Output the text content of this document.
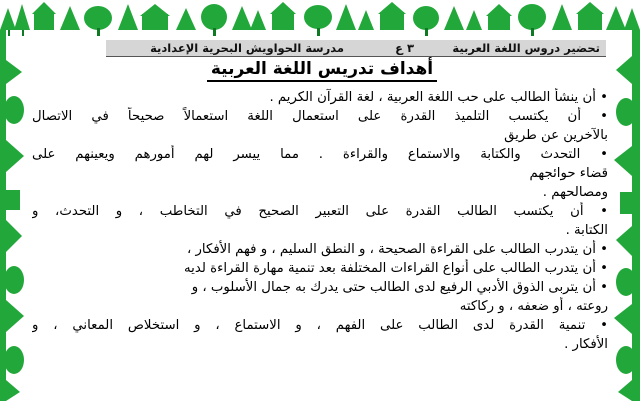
تحضير دروس اللغة العربية
٣ ع
مدرسة الحواويش البحرية الإعدادية
أهداف تدريس اللغة العربية
• أن ينشأ الطالب على حب اللغة العربية ، لغة القرآن الكريم .
• أن يكتسب التلميذ القدرة على استعمال اللغة استعمالاً صحيحاً في الاتصال
بالآخرين عن طريق
• التحدث والكتابة والاستماع والقراءة . مما ييسر لهم أمورهم ويعينهم على
قضاء حوائجهم
ومصالحهم .
• أن يكتسب الطالب القدرة على التعبير الصحيح في التخاطب ، و التحدث، و
الكتابة .
• أن يتدرب الطالب على القراءة الصحيحة ، و النطق السليم ، و فهم الأفكار ،
• أن يتدرب الطالب على أنواع القراءات المختلفة بعد تنمية مهارة القراءة لديه
• أن يتربى الذوق الأدبي الرفيع لدى الطالب حتى يدرك به جمال الأسلوب ، و
روعته ، أو ضعفه ، و ركاكته
• تنمية القدرة لدى الطالب على الفهم ، و الاستماع ، و استخلاص المعاني ، و
الأفكار .
